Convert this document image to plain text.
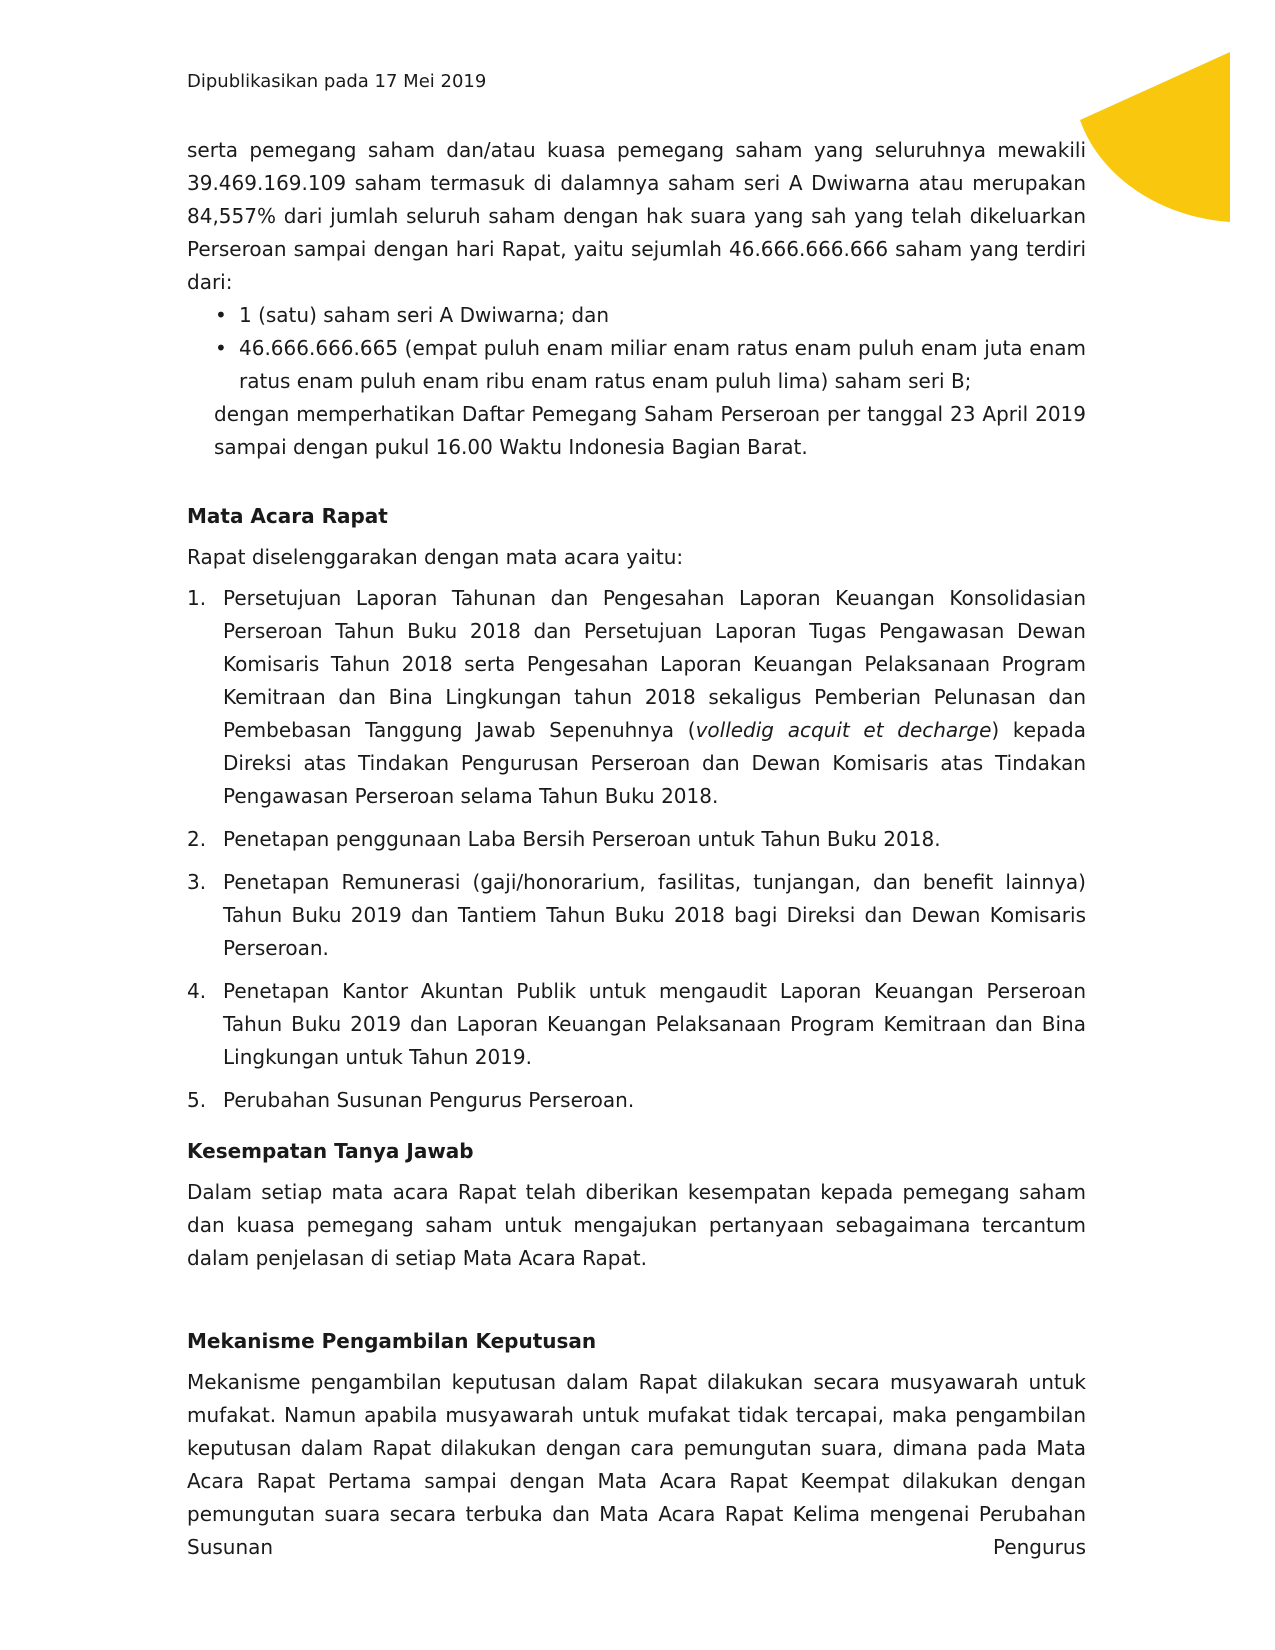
Dipublikasikan pada 17 Mei 2019

serta pemegang saham dan/atau kuasa pemegang saham yang seluruhnya mewakili 39.469.169.109 saham termasuk di dalamnya saham seri A Dwiwarna atau merupakan 84,557% dari jumlah seluruh saham dengan hak suara yang sah yang telah dikeluarkan Perseroan sampai dengan hari Rapat, yaitu sejumlah 46.666.666.666 saham yang terdiri dari:

• 1 (satu) saham seri A Dwiwarna; dan
• 46.666.666.665 (empat puluh enam miliar enam ratus enam puluh enam juta enam ratus enam puluh enam ribu enam ratus enam puluh lima) saham seri B;

dengan memperhatikan Daftar Pemegang Saham Perseroan per tanggal 23 April 2019 sampai dengan pukul 16.00 Waktu Indonesia Bagian Barat.

Mata Acara Rapat

Rapat diselenggarakan dengan mata acara yaitu:

1. Persetujuan Laporan Tahunan dan Pengesahan Laporan Keuangan Konsolidasian Perseroan Tahun Buku 2018 dan Persetujuan Laporan Tugas Pengawasan Dewan Komisaris Tahun 2018 serta Pengesahan Laporan Keuangan Pelaksanaan Program Kemitraan dan Bina Lingkungan tahun 2018 sekaligus Pemberian Pelunasan dan Pembebasan Tanggung Jawab Sepenuhnya (volledig acquit et decharge) kepada Direksi atas Tindakan Pengurusan Perseroan dan Dewan Komisaris atas Tindakan Pengawasan Perseroan selama Tahun Buku 2018.
2. Penetapan penggunaan Laba Bersih Perseroan untuk Tahun Buku 2018.
3. Penetapan Remunerasi (gaji/honorarium, fasilitas, tunjangan, dan benefit lainnya) Tahun Buku 2019 dan Tantiem Tahun Buku 2018 bagi Direksi dan Dewan Komisaris Perseroan.
4. Penetapan Kantor Akuntan Publik untuk mengaudit Laporan Keuangan Perseroan Tahun Buku 2019 dan Laporan Keuangan Pelaksanaan Program Kemitraan dan Bina Lingkungan untuk Tahun 2019.
5. Perubahan Susunan Pengurus Perseroan.

Kesempatan Tanya Jawab

Dalam setiap mata acara Rapat telah diberikan kesempatan kepada pemegang saham dan kuasa pemegang saham untuk mengajukan pertanyaan sebagaimana tercantum dalam penjelasan di setiap Mata Acara Rapat.

Mekanisme Pengambilan Keputusan

Mekanisme pengambilan keputusan dalam Rapat dilakukan secara musyawarah untuk mufakat. Namun apabila musyawarah untuk mufakat tidak tercapai, maka pengambilan keputusan dalam Rapat dilakukan dengan cara pemungutan suara, dimana pada Mata Acara Rapat Pertama sampai dengan Mata Acara Rapat Keempat dilakukan dengan pemungutan suara secara terbuka dan Mata Acara Rapat Kelima mengenai Perubahan Susunan Pengurus
